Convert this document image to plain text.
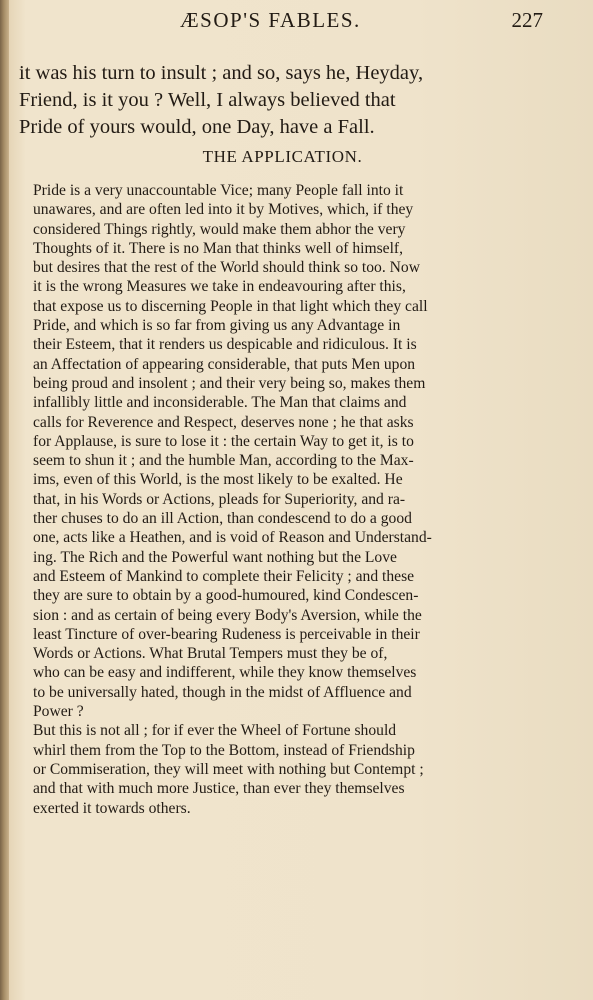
ÆSOP'S FABLES.	227
it was his turn to insult ; and so, says he, Heyday,
Friend, is it you ? Well, I always believed that
Pride of yours would, one Day, have a Fall.
THE APPLICATION.

Pride is a very unaccountable Vice; many People fall into it
unawares, and are often led into it by Motives, which, if they
considered Things rightly, would make them abhor the very
Thoughts of it. There is no Man that thinks well of himself,
but desires that the rest of the World should think so too. Now
it is the wrong Measures we take in endeavouring after this,
that expose us to discerning People in that light which they call
Pride, and which is so far from giving us any Advantage in
their Esteem, that it renders us despicable and ridiculous. It is
an Affectation of appearing considerable, that puts Men upon
being proud and insolent ; and their very being so, makes them
infallibly little and inconsiderable. The Man that claims and
calls for Reverence and Respect, deserves none ; he that asks
for Applause, is sure to lose it : the certain Way to get it, is to
seem to shun it ; and the humble Man, according to the Max-
ims, even of this World, is the most likely to be exalted. He
that, in his Words or Actions, pleads for Superiority, and ra-
ther chuses to do an ill Action, than condescend to do a good
one, acts like a Heathen, and is void of Reason and Understand-
ing. The Rich and the Powerful want nothing but the Love
and Esteem of Mankind to complete their Felicity ; and these
they are sure to obtain by a good-humoured, kind Condescen-
sion : and as certain of being every Body's Aversion, while the
least Tincture of over-bearing Rudeness is perceivable in their
Words or Actions. What Brutal Tempers must they be of,
who can be easy and indifferent, while they know themselves
to be universally hated, though in the midst of Affluence and
Power ?

But this is not all ; for if ever the Wheel of Fortune should
whirl them from the Top to the Bottom, instead of Friendship
or Commiseration, they will meet with nothing but Contempt ;
and that with much more Justice, than ever they themselves
exerted it towards others.
